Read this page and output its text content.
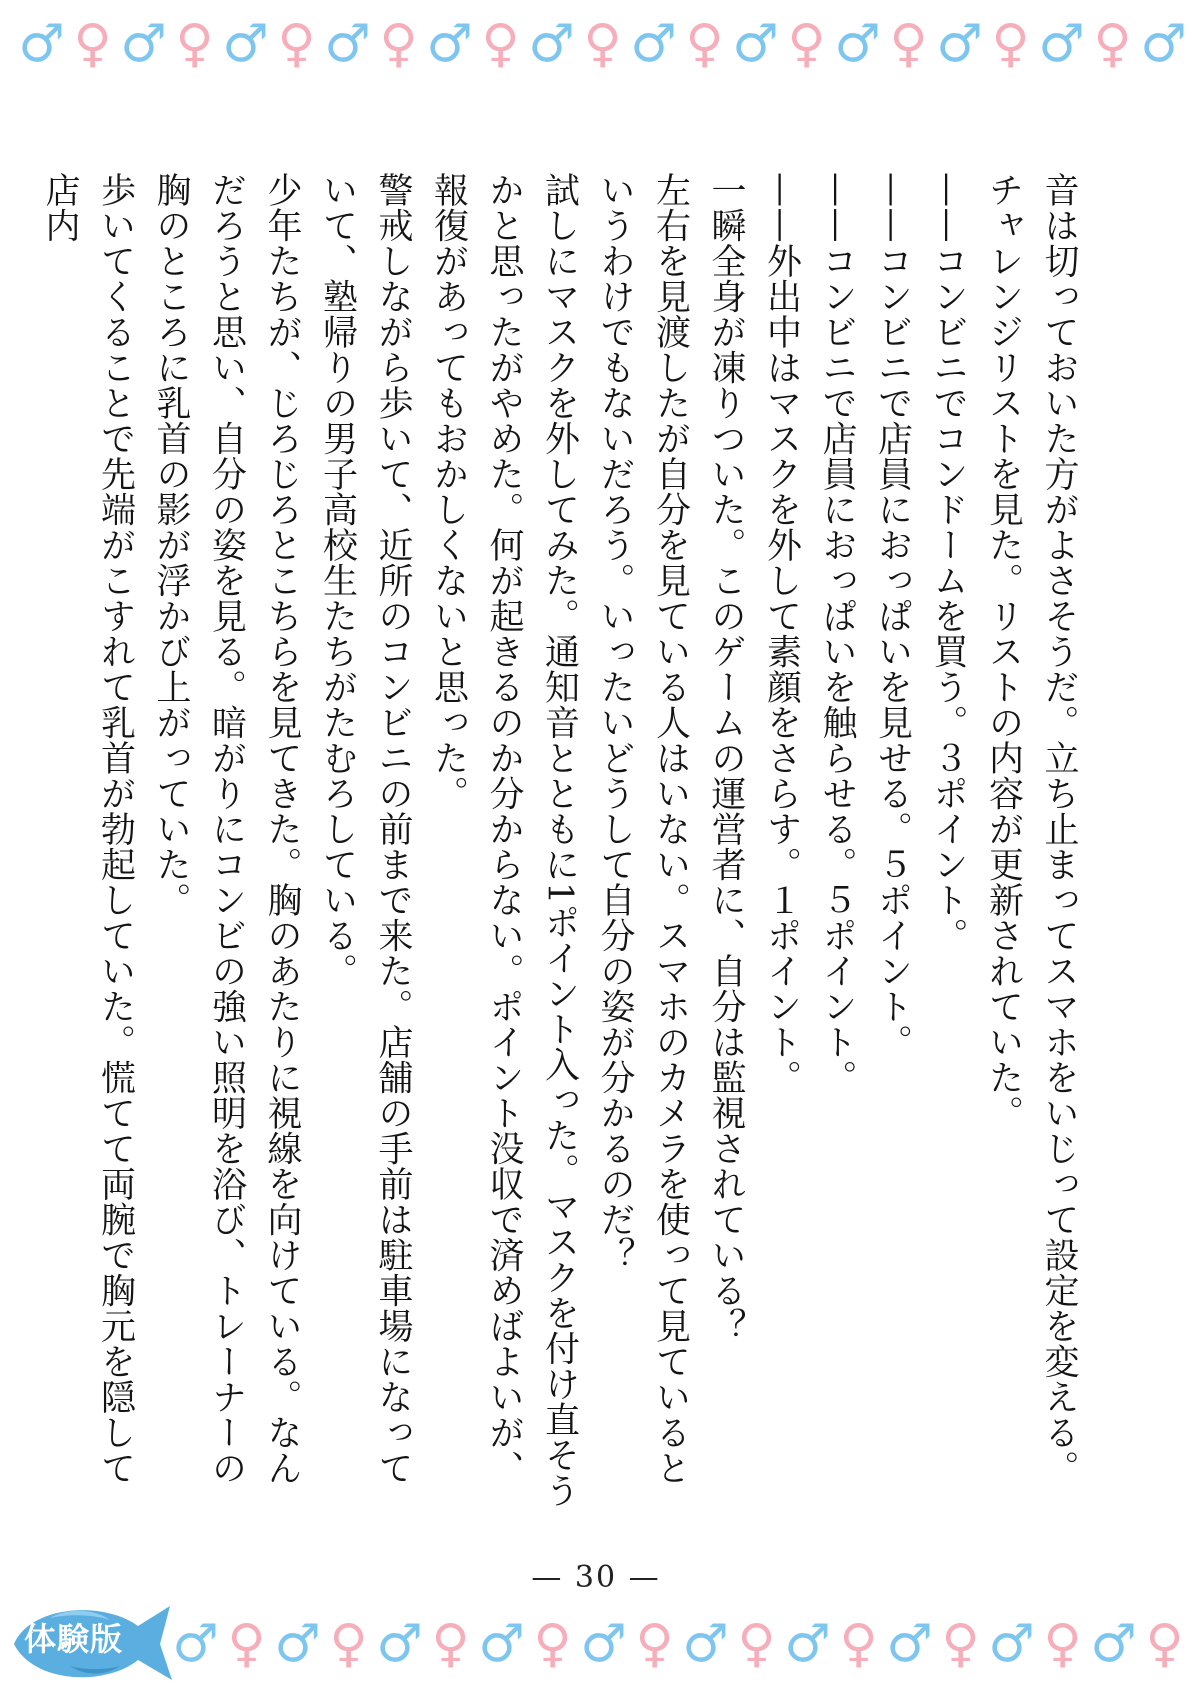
♂ ♀ ♂ ♀ ♂ ♀ ♂ ♀ ♂ ♀ ♂ ♀ ♂ ♀ ♂ ♀ ♂ ♀ ♂ ♀ ♂ ♀ ♂

音は切っておいた方がよさそうだ。立ち止まってスマホをいじって設定を変える。

チャレンジリストを見た。リストの内容が更新されていた。

——コンビニでコンドームを買う。３ポイント。

——コンビニで店員におっぱいを見せる。５ポイント。

——コンビニで店員におっぱいを触らせる。５ポイント。

——外出中はマスクを外して素顔をさらす。１ポイント。

一瞬全身が凍りついた。このゲームの運営者に、自分は監視されている？

左右を見渡したが自分を見ている人はいない。スマホのカメラを使って見ているというわけでもないだろう。いったいどうして自分の姿が分かるのだ？

試しにマスクを外してみた。通知音とともに1ポイント入った。マスクを付け直そうかと思ったがやめた。何が起きるのか分からない。ポイント没収で済めばよいが、報復があってもおかしくないと思った。

警戒しながら歩いて、近所のコンビニの前まで来た。店舗の手前は駐車場になっていて、塾帰りの男子高校生たちがたむろしている。

少年たちが、じろじろとこちらを見てきた。胸のあたりに視線を向けている。なんだろうと思い、自分の姿を見る。暗がりにコンビの強い照明を浴び、トレーナーの胸のところに乳首の影が浮かび上がっていた。

歩いてくることで先端がこすれて乳首が勃起していた。慌てて両腕で胸元を隠して店内

— 30 —
♂ ♀ ♂ ♀ ♂ ♀ ♂ ♀ ♂ ♀ ♂ ♀ ♂ ♀ ♂ ♀ ♂ ♀ ♂ ♀
体験版
